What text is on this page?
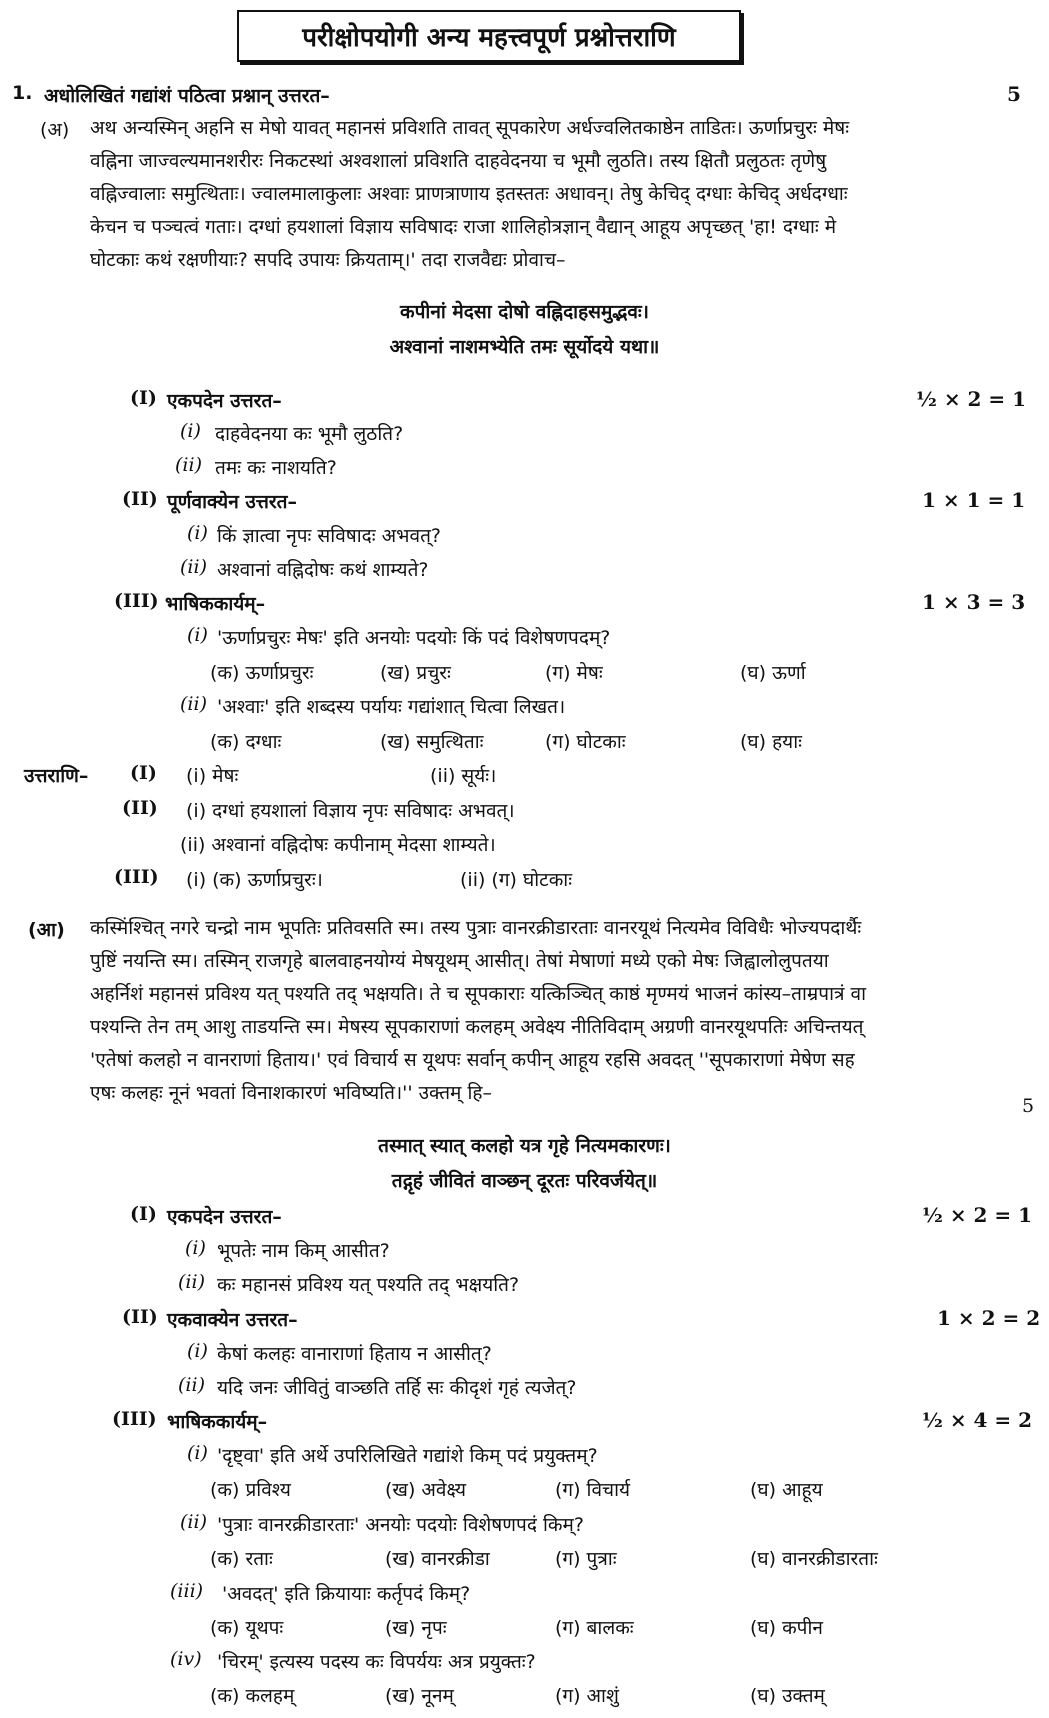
परीक्षोपयोगी अन्य महत्त्वपूर्ण प्रश्नोत्तराणि
1. अधोलिखितं गद्यांशं पठित्वा प्रश्नान् उत्तरत–	5
(अ) अथ अन्यस्मिन् अहनि स मेषो यावत् महानसं प्रविशति तावत् सूपकारेण अर्धज्वलितकाष्ठेन ताडितः। ऊर्णाप्रचुरः मेषः
वह्निना जाज्वल्यमानशरीरः निकटस्थां अश्वशालां प्रविशति दाहवेदनया च भूमौ लुठति। तस्य क्षितौ प्रलुठतः तृणेषु
वह्निज्वालाः समुत्थिताः। ज्वालमालाकुलाः अश्वाः प्राणत्राणाय इतस्ततः अधावन्। तेषु केचिद् दग्धाः केचिद् अर्धदग्धाः
केचन च पञ्चत्वं गताः। दग्धां हयशालां विज्ञाय सविषादः राजा शालिहोत्रज्ञान् वैद्यान् आहूय अपृच्छत् 'हा! दग्धाः मे
घोटकाः कथं रक्षणीयाः? सपदि उपायः क्रियताम्।' तदा राजवैद्यः प्रोवाच–
कपीनां मेदसा दोषो वह्निदाहसमुद्भवः।
अश्वानां नाशमभ्येति तमः सूर्योदये यथा॥
(I) एकपदेन उत्तरत–	½ × 2 = 1
(i) दाहवेदनया कः भूमौ लुठति?
(ii) तमः कः नाशयति?
(II) पूर्णवाक्येन उत्तरत–	1 × 1 = 1
(i) किं ज्ञात्वा नृपः सविषादः अभवत्?
(ii) अश्वानां वह्निदोषः कथं शाम्यते?
(III) भाषिककार्यम्–	1 × 3 = 3
(i) 'ऊर्णाप्रचुरः मेषः' इति अनयोः पदयोः किं पदं विशेषणपदम्?
(क) ऊर्णाप्रचुरः	(ख) प्रचुरः	(ग) मेषः	(घ) ऊर्णा
(ii) 'अश्वाः' इति शब्दस्य पर्यायः गद्यांशात् चित्वा लिखत।
(क) दग्धाः	(ख) समुत्थिताः	(ग) घोटकाः	(घ) हयाः
उत्तराणि– (I) (i) मेषः	(ii) सूर्यः।
(II) (i) दग्धां हयशालां विज्ञाय नृपः सविषादः अभवत्।
(ii) अश्वानां वह्निदोषः कपीनाम् मेदसा शाम्यते।
(III) (i) (क) ऊर्णाप्रचुरः।	(ii) (ग) घोटकाः
(आ) कस्मिंश्चित् नगरे चन्द्रो नाम भूपतिः प्रतिवसति स्म। तस्य पुत्राः वानरक्रीडारताः वानरयूथं नित्यमेव विविधैः भोज्यपदार्थैः
पुष्टिं नयन्ति स्म। तस्मिन् राजगृहे बालवाहनयोग्यं मेषयूथम् आसीत्। तेषां मेषाणां मध्ये एको मेषः जिह्वालोलुपतया
अहर्निशं महानसं प्रविश्य यत् पश्यति तद् भक्षयति। ते च सूपकाराः यत्किञ्चित् काष्ठं मृण्मयं भाजनं कांस्य–ताम्रपात्रं वा
पश्यन्ति तेन तम् आशु ताडयन्ति स्म। मेषस्य सूपकाराणां कलहम् अवेक्ष्य नीतिविदाम् अग्रणी वानरयूथपतिः अचिन्तयत्
'एतेषां कलहो न वानराणां हिताय।' एवं विचार्य स यूथपः सर्वान् कपीन् आहूय रहसि अवदत् ''सूपकाराणां मेषेण सह
एषः कलहः नूनं भवतां विनाशकारणं भविष्यति।'' उक्तम् हि–
5
तस्मात् स्यात् कलहो यत्र गृहे नित्यमकारणः।
तद्गृहं जीवितं वाञ्छन् दूरतः परिवर्जयेत्॥
(I) एकपदेन उत्तरत–	½ × 2 = 1
(i) भूपतेः नाम किम् आसीत?
(ii) कः महानसं प्रविश्य यत् पश्यति तद् भक्षयति?
(II) एकवाक्येन उत्तरत–	1 × 2 = 2
(i) केषां कलहः वानाराणां हिताय न आसीत्?
(ii) यदि जनः जीवितुं वाञ्छति तर्हि सः कीदृशं गृहं त्यजेत्?
(III) भाषिककार्यम्–	½ × 4 = 2
(i) 'दृष्ट्वा' इति अर्थे उपरिलिखिते गद्यांशे किम् पदं प्रयुक्तम्?
(क) प्रविश्य	(ख) अवेक्ष्य	(ग) विचार्य	(घ) आहूय
(ii) 'पुत्राः वानरक्रीडारताः' अनयोः पदयोः विशेषणपदं किम्?
(क) रताः	(ख) वानरक्रीडा	(ग) पुत्राः	(घ) वानरक्रीडारताः
(iii) 'अवदत्' इति क्रियायाः कर्तृपदं किम्?
(क) यूथपः	(ख) नृपः	(ग) बालकः	(घ) कपीन
(iv) 'चिरम्' इत्यस्य पदस्य कः विपर्ययः अत्र प्रयुक्तः?
(क) कलहम्	(ख) नूनम्	(ग) आशुं	(घ) उक्तम्
